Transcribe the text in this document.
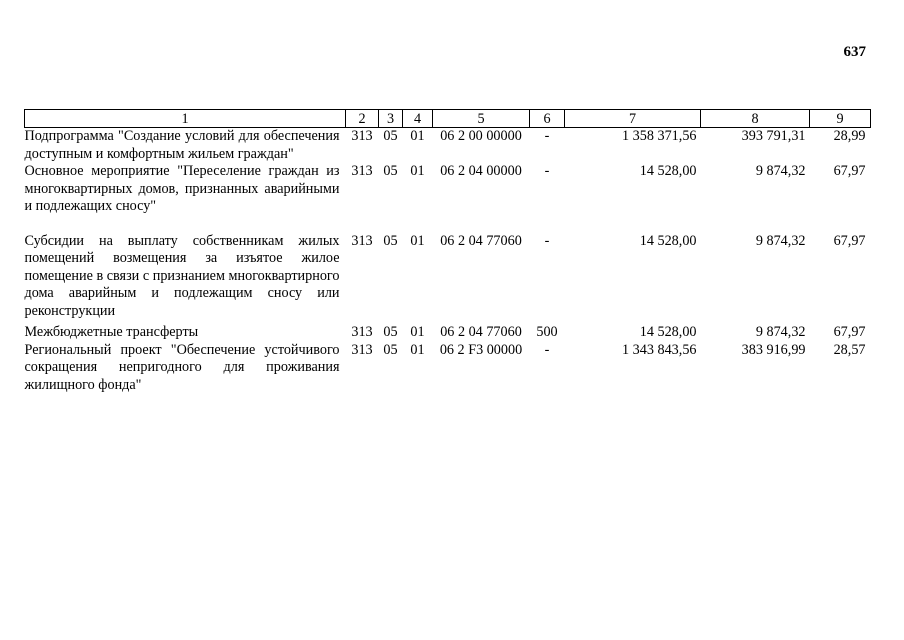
637
1	2	3	4	5	6	7	8	9
Подпрограмма "Создание условий для обеспечения доступным и комфортным жильем граждан"	313	05	01	06 2 00 00000	-	1 358 371,56	393 791,31	28,99
Основное мероприятие "Переселение граждан из многоквартирных домов, признанных аварийными и подлежащих сносу"	313	05	01	06 2 04 00000	-	14 528,00	9 874,32	67,97
Субсидии на выплату собственникам жилых помещений возмещения за изъятое жилое помещение в связи с признанием многоквартирного дома аварийным и подлежащим сносу или реконструкции	313	05	01	06 2 04 77060	-	14 528,00	9 874,32	67,97
Межбюджетные трансферты	313	05	01	06 2 04 77060	500	14 528,00	9 874,32	67,97
Региональный проект "Обеспечение устойчивого сокращения непригодного для проживания жилищного фонда"	313	05	01	06 2 F3 00000	-	1 343 843,56	383 916,99	28,57
